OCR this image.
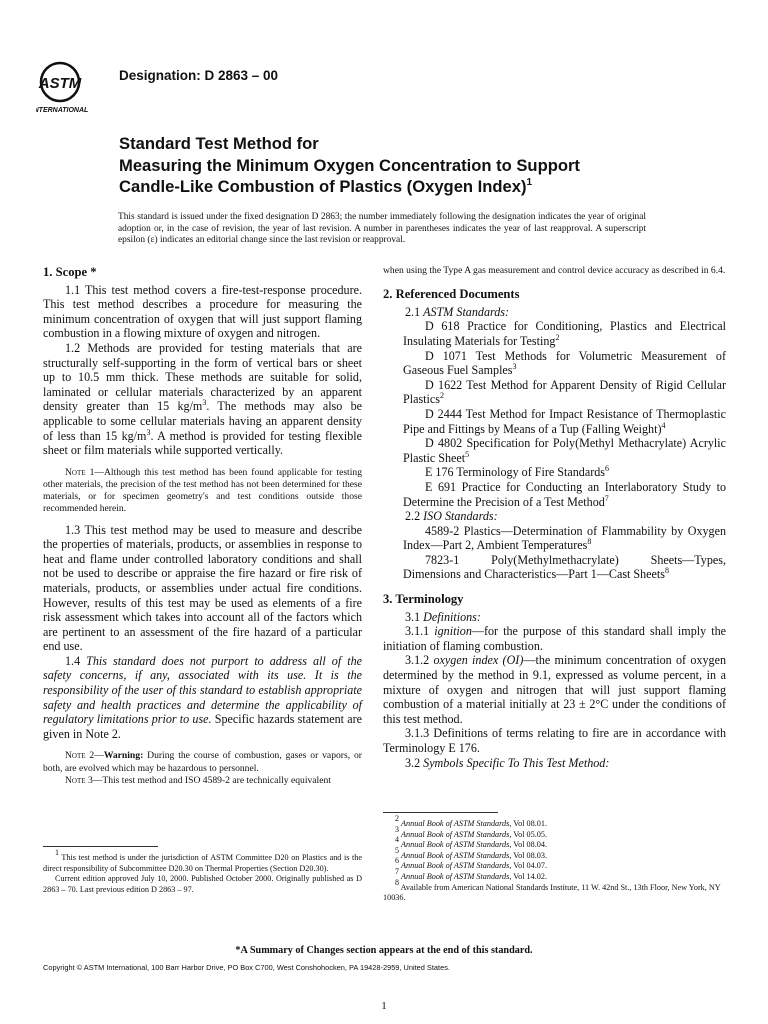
ASTM
INTERNATIONAL
Designation: D 2863 – 00
Standard Test Method for
Measuring the Minimum Oxygen Concentration to Support
Candle-Like Combustion of Plastics (Oxygen Index)$^1$
This standard is issued under the fixed designation D 2863; the number immediately following the designation indicates the year of original adoption or, in the case of revision, the year of last revision. A number in parentheses indicates the year of last reapproval. A superscript epsilon (ε) indicates an editorial change since the last revision or reapproval.
1. Scope *

1.1 This test method covers a fire-test-response procedure. This test method describes a procedure for measuring the minimum concentration of oxygen that will just support flaming combustion in a flowing mixture of oxygen and nitrogen.

1.2 Methods are provided for testing materials that are structurally self-supporting in the form of vertical bars or sheet up to 10.5 mm thick. These methods are suitable for solid, laminated or cellular materials characterized by an apparent density greater than 15 $kg/m^3$. The methods may also be applicable to some cellular materials having an apparent density of less than 15 $kg/m^3$. A method is provided for testing flexible sheet or film materials while supported vertically.

Note 1—Although this test method has been found applicable for testing other materials, the precision of the test method has not been determined for these materials, or for specimen geometry's and test conditions outside those recommended herein.

1.3 This test method may be used to measure and describe the properties of materials, products, or assemblies in response to heat and flame under controlled laboratory conditions and shall not be used to describe or appraise the fire hazard or fire risk of materials, products, or assemblies under actual fire conditions. However, results of this test may be used as elements of a fire risk assessment which takes into account all of the factors which are pertinent to an assessment of the fire hazard of a particular end use.

1.4 This standard does not purport to address all of the safety concerns, if any, associated with its use. It is the responsibility of the user of this standard to establish appropriate safety and health practices and determine the applicability of regulatory limitations prior to use. Specific hazards statement are given in Note 2.

Note 2—Warning: During the course of combustion, gases or vapors, or both, are evolved which may be hazardous to personnel.

Note 3—This test method and ISO 4589-2 are technically equivalent

$^1$ This test method is under the jurisdiction of ASTM Committee D20 on Plastics and is the direct responsibility of Subcommittee D20.30 on Thermal Properties (Section D20.30).

Current edition approved July 10, 2000. Published October 2000. Originally published as D 2863 – 70. Last previous edition D 2863 – 97.

when using the Type A gas measurement and control device accuracy as described in 6.4.

2. Referenced Documents

2.1 ASTM Standards:

D 618 Practice for Conditioning, Plastics and Electrical Insulating Materials for Testing$^2$

D 1071 Test Methods for Volumetric Measurement of Gaseous Fuel Samples$^3$

D 1622 Test Method for Apparent Density of Rigid Cellular Plastics$^2$

D 2444 Test Method for Impact Resistance of Thermoplastic Pipe and Fittings by Means of a Tup (Falling Weight)$^4$

D 4802 Specification for Poly(Methyl Methacrylate) Acrylic Plastic Sheet$^5$

E 176 Terminology of Fire Standards$^6$

E 691 Practice for Conducting an Interlaboratory Study to Determine the Precision of a Test Method$^7$

2.2 ISO Standards:

4589-2 Plastics—Determination of Flammability by Oxygen Index—Part 2, Ambient Temperatures$^8$

7823-1 Poly(Methylmethacrylate) Sheets—Types, Dimensions and Characteristics—Part 1—Cast Sheets$^8$

3. Terminology

3.1 Definitions:

3.1.1 ignition—for the purpose of this standard shall imply the initiation of flaming combustion.

3.1.2 oxygen index (OI)—the minimum concentration of oxygen determined by the method in 9.1, expressed as volume percent, in a mixture of oxygen and nitrogen that will just support flaming combustion of a material initially at 23 ± 2°C under the conditions of this test method.

3.1.3 Definitions of terms relating to fire are in accordance with Terminology E 176.

3.2 Symbols Specific To This Test Method:

$^2$ Annual Book of ASTM Standards, Vol 08.01.

$^3$ Annual Book of ASTM Standards, Vol 05.05.

$^4$ Annual Book of ASTM Standards, Vol 08.04.

$^5$ Annual Book of ASTM Standards, Vol 08.03.

$^6$ Annual Book of ASTM Standards, Vol 04.07.

$^7$ Annual Book of ASTM Standards, Vol 14.02.

$^8$ Available from American National Standards Institute, 11 W. 42nd St., 13th Floor, New York, NY 10036.

*A Summary of Changes section appears at the end of this standard.
Copyright © ASTM International, 100 Barr Harbor Drive, PO Box C700, West Conshohocken, PA 19428-2959, United States.
1
